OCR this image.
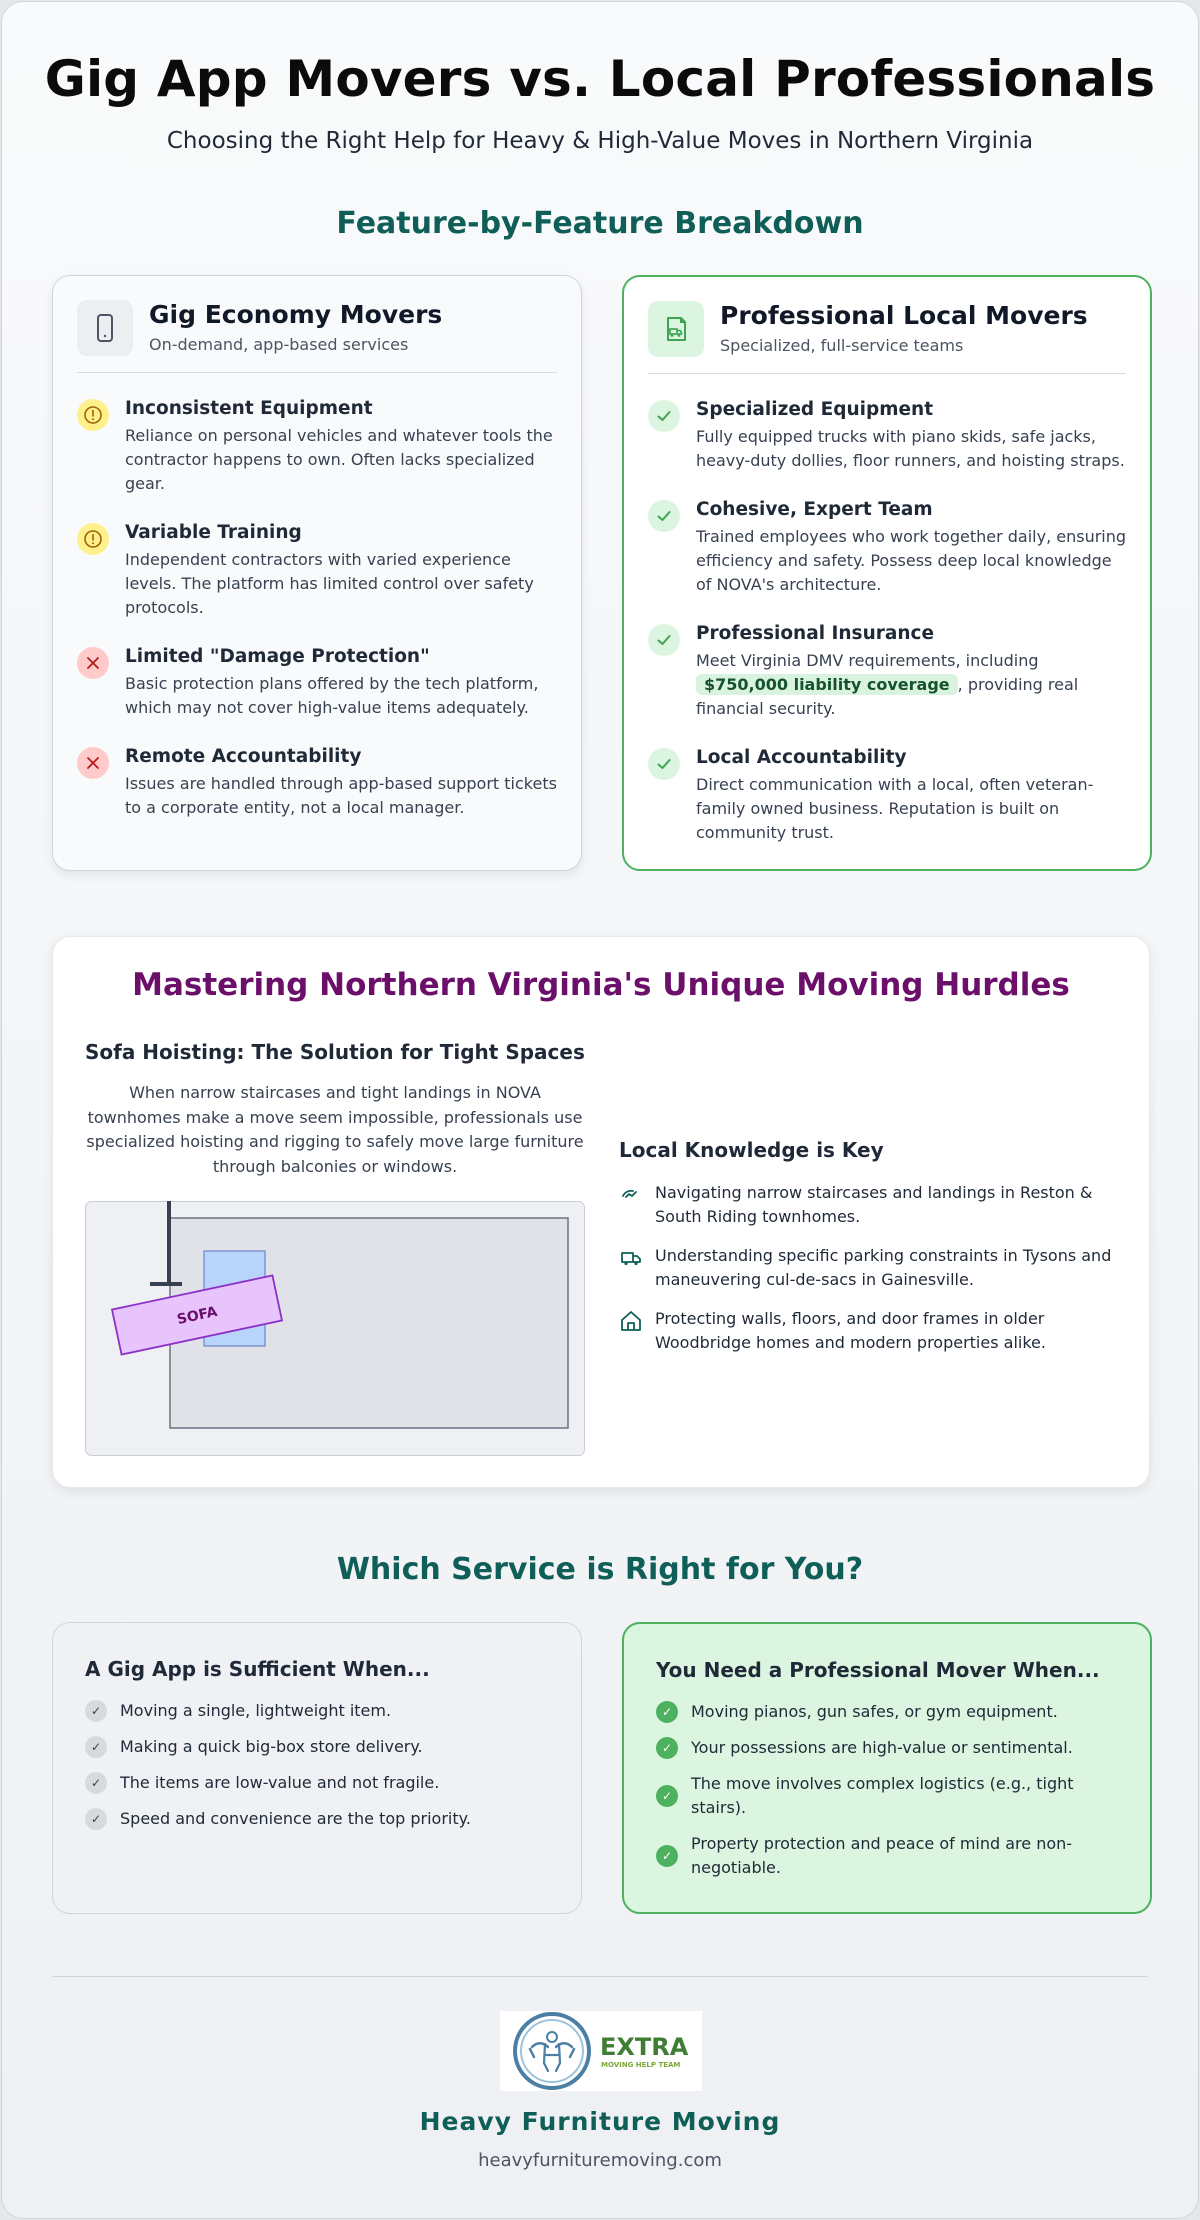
Gig App Movers vs. Local Professionals
Choosing the Right Help for Heavy & High-Value Moves in Northern Virginia
Feature-by-Feature Breakdown
Gig Economy Movers
On-demand, app-based services
Inconsistent Equipment
Reliance on personal vehicles and whatever tools the contractor happens to own. Often lacks specialized gear.
Variable Training
Independent contractors with varied experience levels. The platform has limited control over safety protocols.
Limited "Damage Protection"
Basic protection plans offered by the tech platform, which may not cover high-value items adequately.
Remote Accountability
Issues are handled through app-based support tickets to a corporate entity, not a local manager.
Professional Local Movers
Specialized, full-service teams
Specialized Equipment
Fully equipped trucks with piano skids, safe jacks, heavy-duty dollies, floor runners, and hoisting straps.
Cohesive, Expert Team
Trained employees who work together daily, ensuring efficiency and safety. Possess deep local knowledge of NOVA's architecture.
Professional Insurance
Meet Virginia DMV requirements, including
$750,000 liability coverage , providing real financial security.
Local Accountability
Direct communication with a local, often veteran-family owned business. Reputation is built on community trust.
Mastering Northern Virginia's Unique Moving Hurdles
Sofa Hoisting: The Solution for Tight Spaces
When narrow staircases and tight landings in NOVA townhomes make a move seem impossible, professionals use specialized hoisting and rigging to safely move large furniture through balconies or windows.
SOFA
Local Knowledge is Key
Navigating narrow staircases and landings in Reston & South Riding townhomes.
Understanding specific parking constraints in Tysons and maneuvering cul-de-sacs in Gainesville.
Protecting walls, floors, and door frames in older Woodbridge homes and modern properties alike.
Which Service is Right for You?
A Gig App is Sufficient When...
✓	Moving a single, lightweight item.
✓	Making a quick big-box store delivery.
✓	The items are low-value and not fragile.
✓	Speed and convenience are the top priority.
You Need a Professional Mover When...
✓	Moving pianos, gun safes, or gym equipment.
✓	Your possessions are high-value or sentimental.
✓
The move involves complex logistics (e.g., tight stairs).
✓
Property protection and peace of mind are non-negotiable.
EXTRA
MOVING HELP TEAM
Heavy Furniture Moving
heavyfurnituremoving.com
